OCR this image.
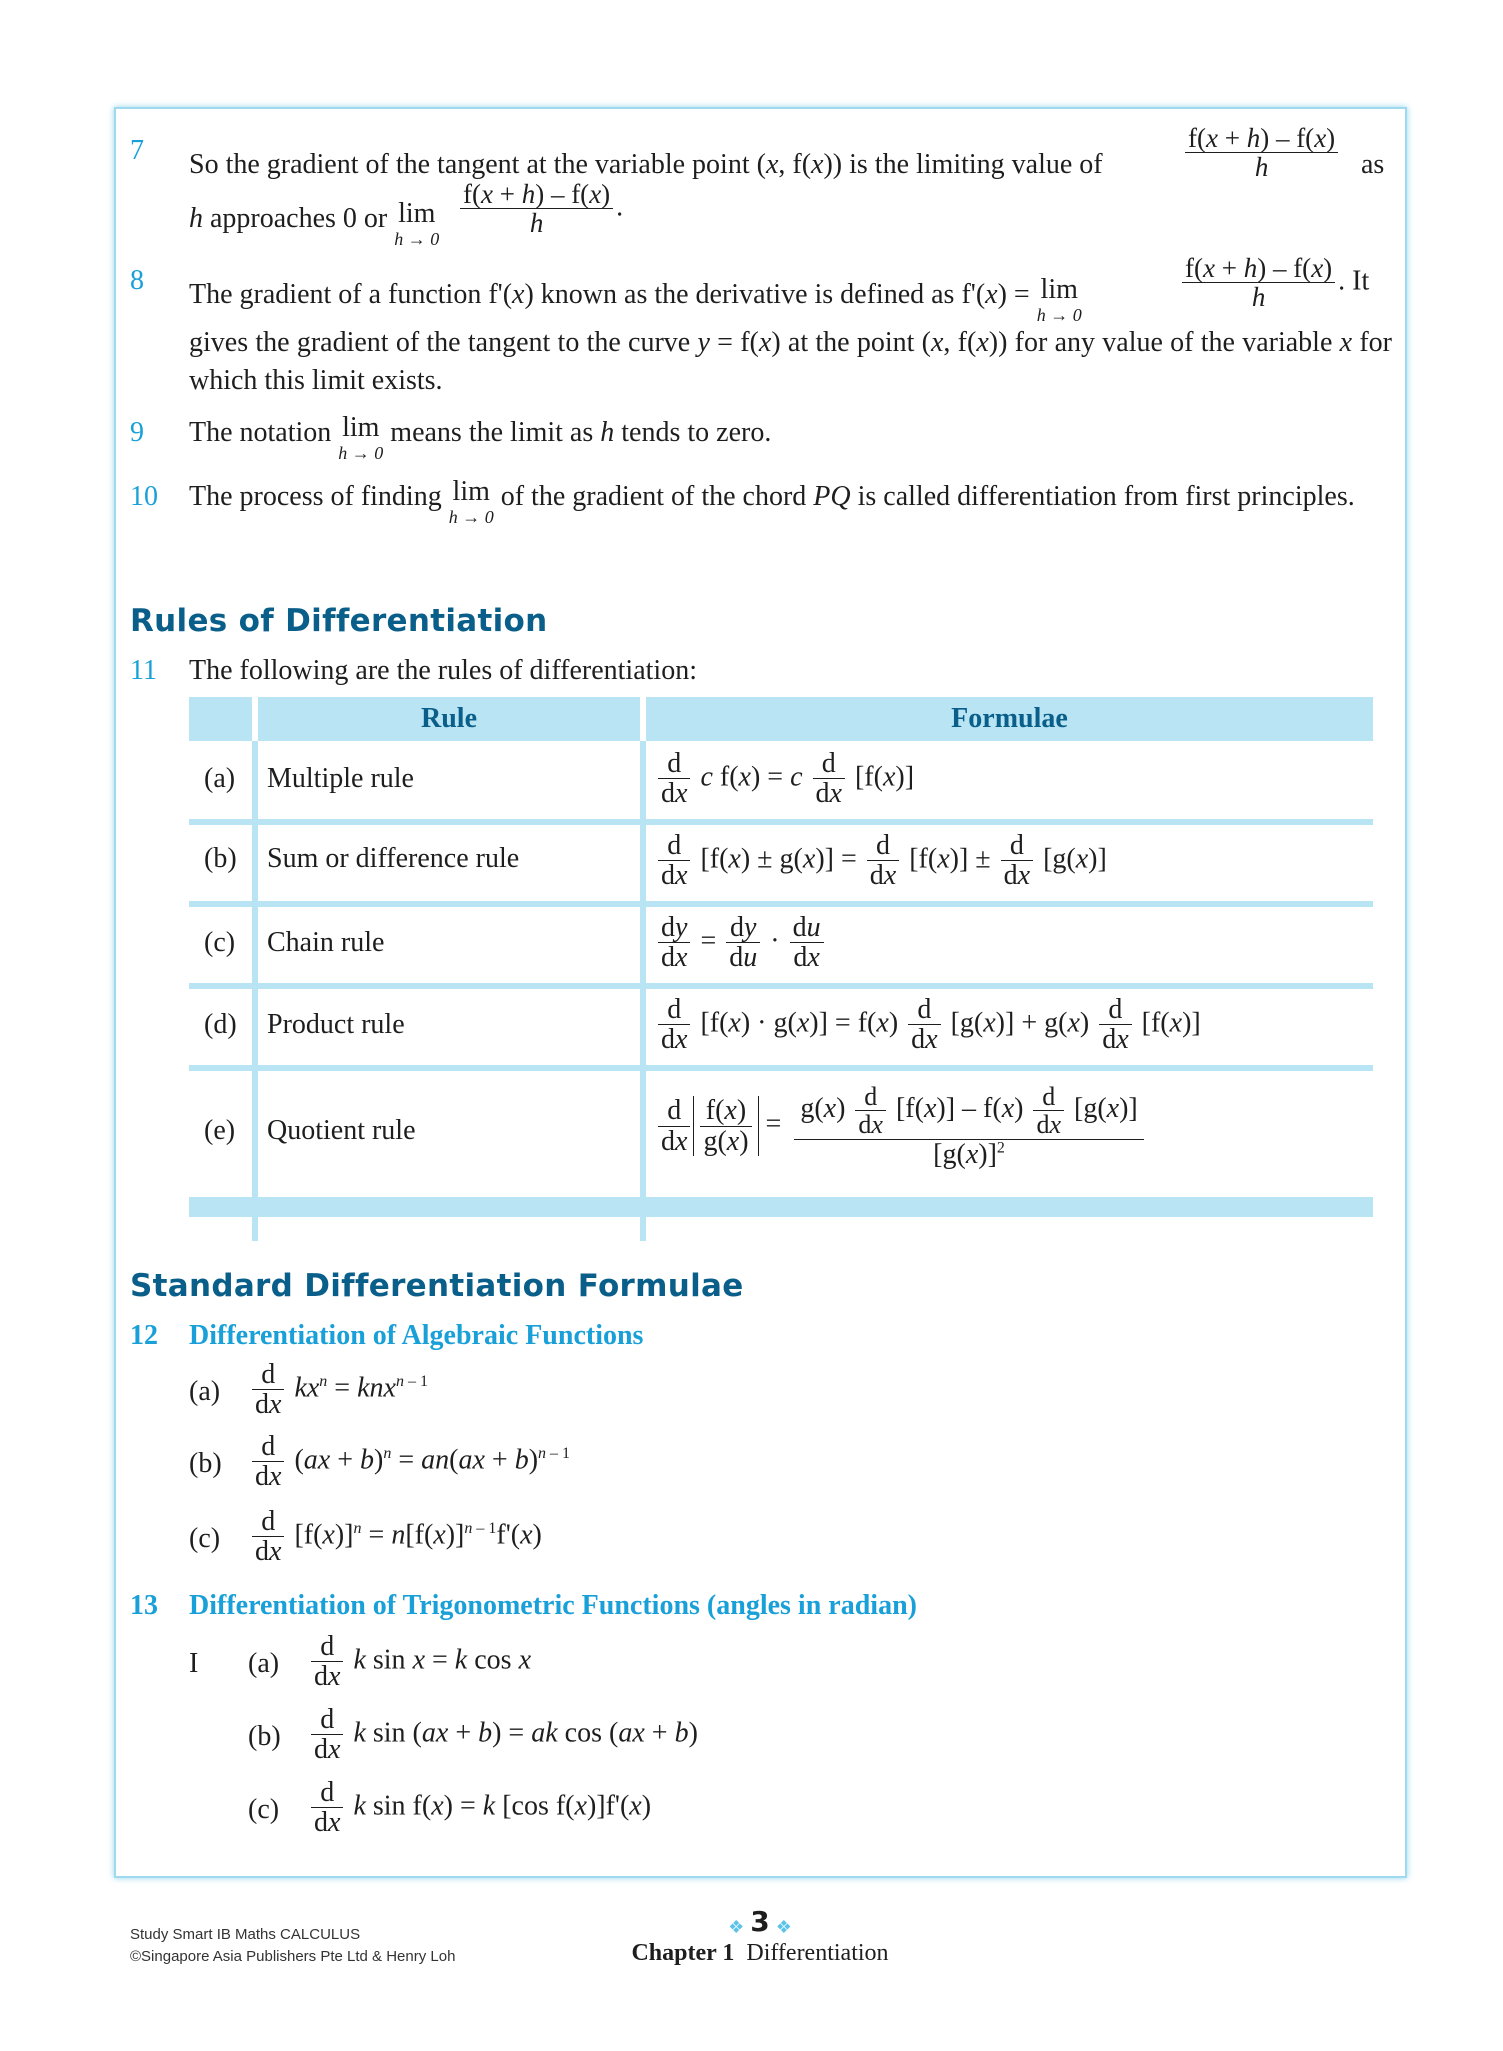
7 So the gradient of the tangent at the variable point (x, f(x)) is the limiting value of	$\frac{f(x + h) - f(x)}{h}$ as
h approaches 0 or lim
h → 0
$\frac{f(x + h) - f(x)}{h}$ .
8 The gradient of a function f'(x) known as the derivative is defined as f'(x) = lim
h → 0
$\frac{f(x + h) - f(x)}{h}$ . It
gives the gradient of the tangent to the curve y = f(x) at the point (x, f(x)) for any value of the variable x for which this limit exists.
9 The notation lim
h → 0
means the limit as h tends to zero.
10 The process of finding lim
h → 0
of the gradient of the chord PQ is called differentiation from first principles.
Rules of Differentiation
11 The following are the rules of differentiation:
Rule	Formulae
(a) Multiple rule	$\frac{d}{dx}$ c f(x) = c $\frac{d}{dx} [f(x)]$
(b) Sum or difference rule	$\frac{d}{dx} [f(x) \pm g(x)] = \frac{d}{dx} [f(x)] \pm \frac{d}{dx} [g(x)]$
(c) Chain rule	$\frac{dy}{dx} = \frac{dy}{du} \cdot \frac{du}{dx}$
(d) Product rule	$\frac{d}{dx} [f(x) \cdot g(x)] = f(x) \frac{d}{dx} [g(x)] + g(x) \frac{d}{dx} [f(x)]$
(e) Quotient rule	$\frac{d}{dx} \frac{f(x)}{g(x)} = \frac{g(x) \frac{d}{dx} [f(x)] - f(x) \frac{d}{dx} [g(x)]}{[g(x)]^2}$
Standard Differentiation Formulae
12 Differentiation of Algebraic Functions
$(a) \frac{d}{dx} kx^n = knx^{n - 1}$
$(b) \frac{d}{dx} (ax + b)^n = an(ax + b)^{n - 1}$
$(c) \frac{d}{dx} [f(x)]^n = n[f(x)]^{n - 1}f'(x)$
13 Differentiation of Trigonometric Functions (angles in radian)
I $(a) \frac{d}{dx}$ k sin x = k cos x
$(b) \frac{d}{dx}$ k sin (ax + b) = ak cos (ax + b)
$(c) \frac{d}{dx}$ k sin f(x) = k [cos f(x)]f'(x)
Study Smart IB Maths CALCULUS
©Singapore Asia Publishers Pte Ltd & Henry Loh
❖ 3 ❖
Chapter 1 Differentiation
